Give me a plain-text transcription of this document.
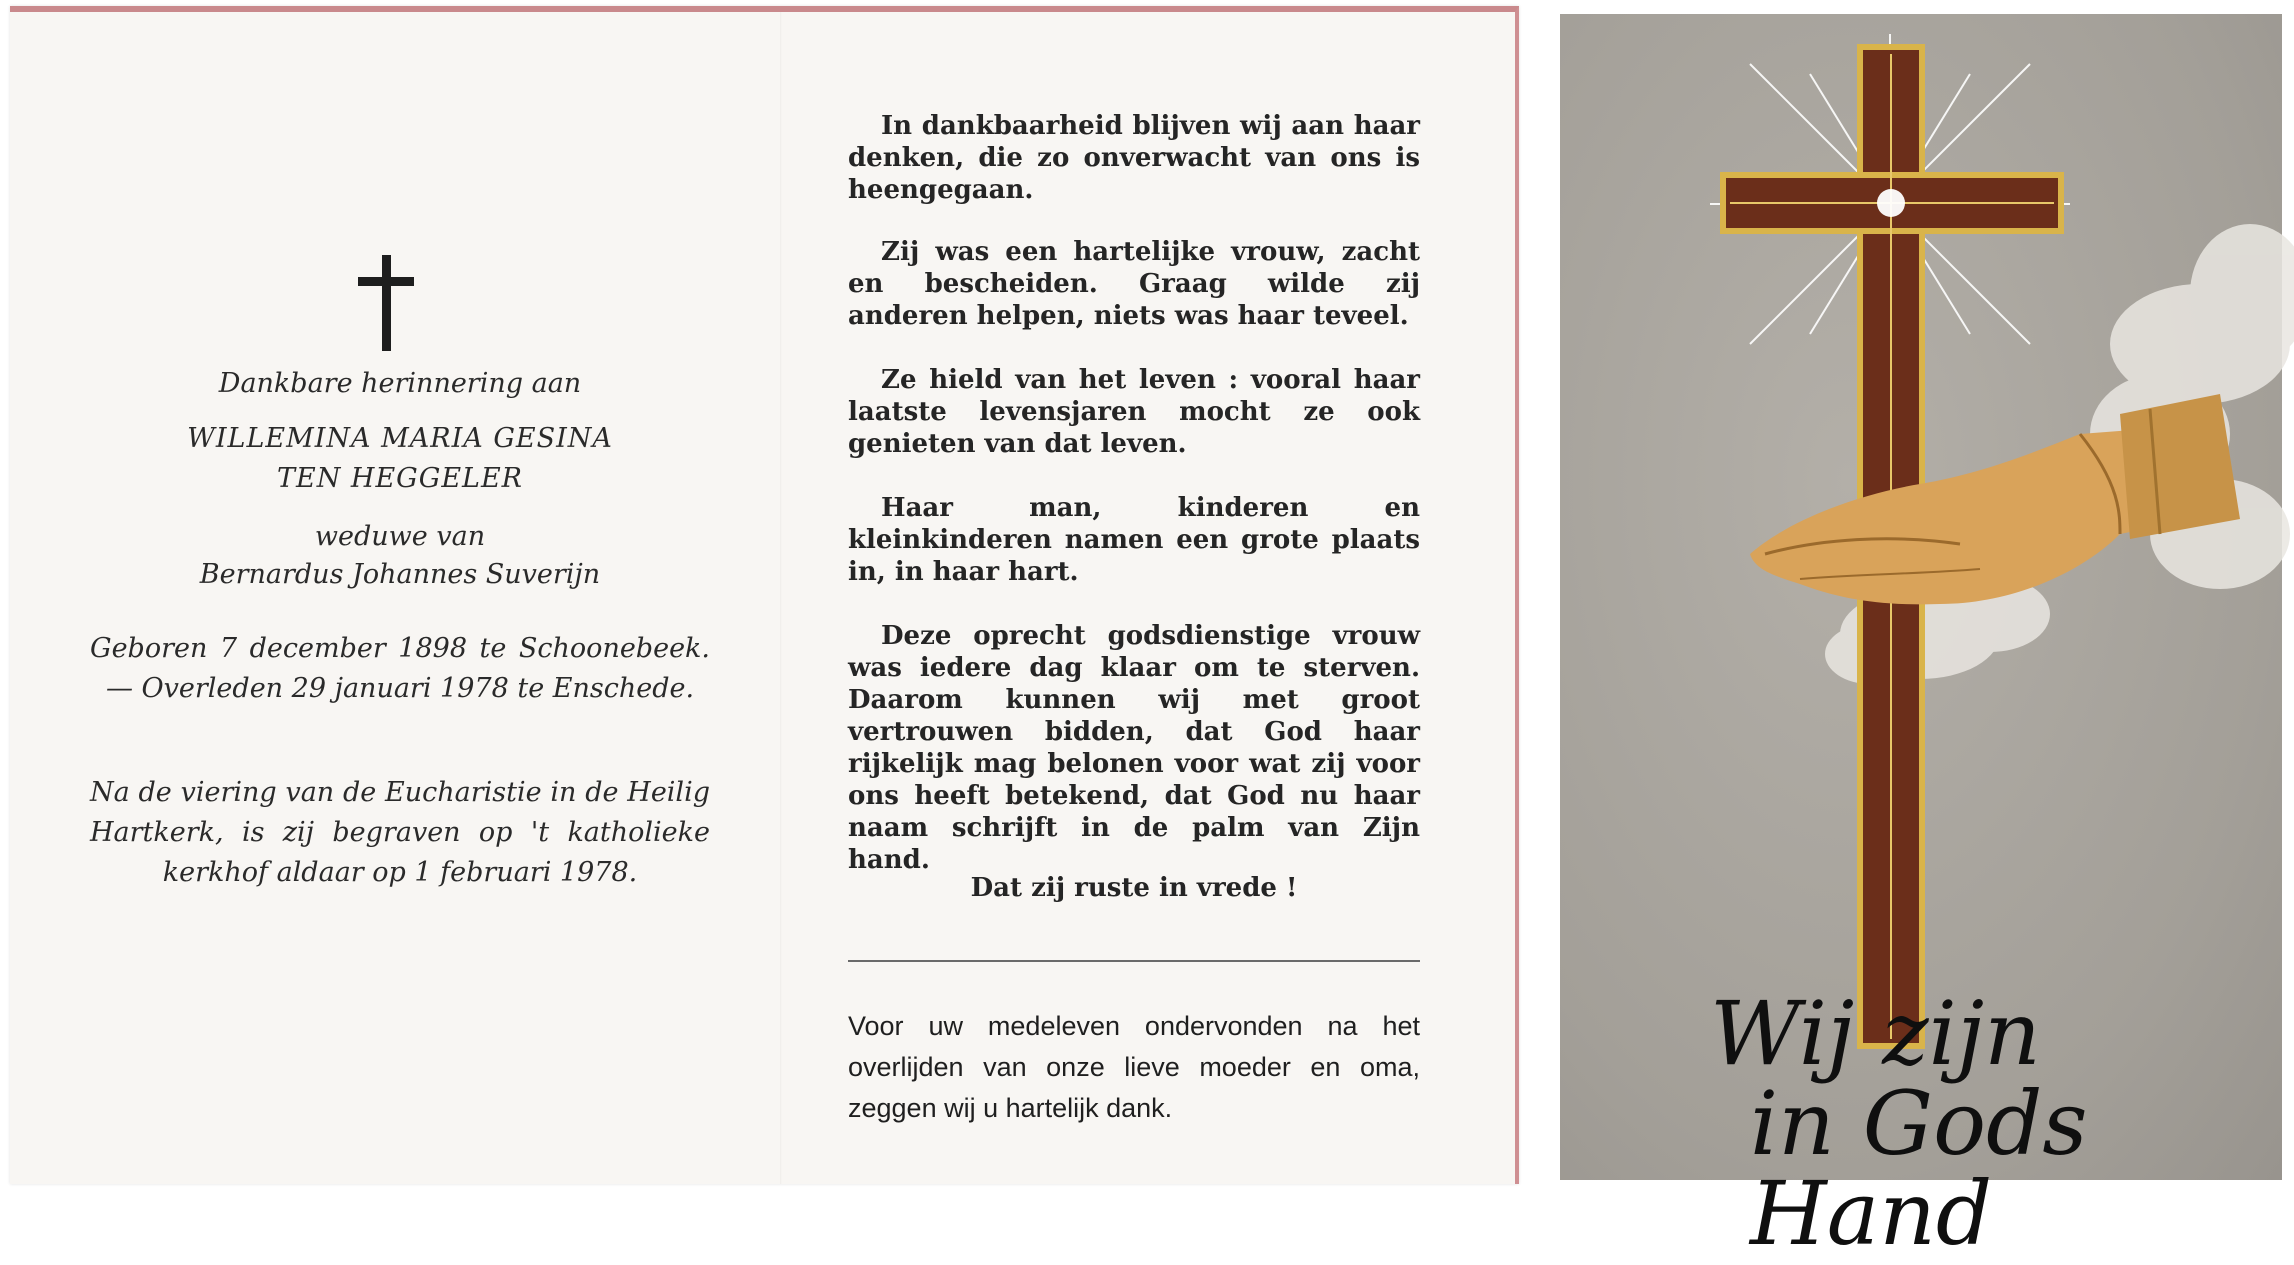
Dankbare herinnering aan
WILLEMINA MARIA GESINA
TEN HEGGELER
weduwe van
Bernardus Johannes Suverijn
Geboren 7 december 1898 te Schoonebeek. — Overleden 29 januari 1978 te Enschede.
Na de viering van de Eucharistie in de Heilig Hartkerk, is zij begraven op 't katholieke kerkhof aldaar op 1 februari 1978.
In dankbaarheid blijven wij aan haar denken, die zo onverwacht van ons is heengegaan.
Zij was een hartelijke vrouw, zacht en bescheiden. Graag wilde zij anderen helpen, niets was haar teveel.
Ze hield van het leven : vooral haar laatste levensjaren mocht ze ook genieten van dat leven.
Haar man, kinderen en kleinkinderen namen een grote plaats in, in haar hart.
Deze oprecht godsdienstige vrouw was iedere dag klaar om te sterven. Daarom kunnen wij met groot vertrouwen bidden, dat God haar rijkelijk mag belonen voor wat zij voor ons heeft betekend, dat God nu haar naam schrijft in de palm van Zijn hand.
Dat zij ruste in vrede !
Voor uw medeleven ondervonden na het overlijden van onze lieve moeder en oma, zeggen wij u hartelijk dank.
Wij zijn
in Gods Hand
